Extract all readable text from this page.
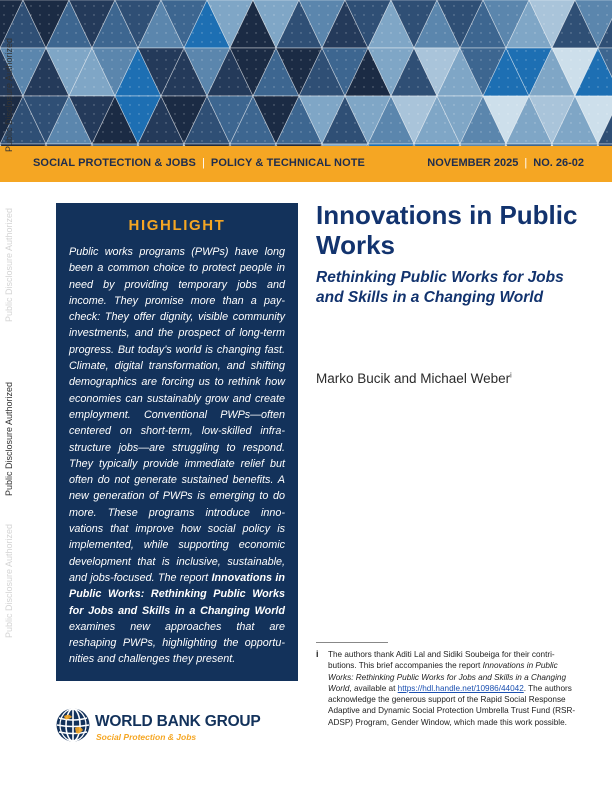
SOCIAL PROTECTION & JOBS | POLICY & TECHNICAL NOTE	NOVEMBER 2025 | NO. 26-02
Public Disclosure Authorized
Public Disclosure Authorized
Public Disclosure Authorized
Public Disclosure Authorized
HIGHLIGHT

Public works programs (PWPs) have long been a common choice to protect people in need by providing temporary jobs and income. They promise more than a pay-check: They offer dignity, visible community investments, and the prospect of long-term progress. But today's world is changing fast. Climate, digital transformation, and shifting demographics are forcing us to rethink how economies can sustainably grow and create employment. Conventional PWPs—often centered on short-term, low-skilled infra-structure jobs—are struggling to respond. They typically provide immediate relief but often do not generate sustained benefits. A new generation of PWPs is emerging to do more. These programs introduce inno-vations that improve how social policy is implemented, while supporting economic development that is inclusive, sustainable, and jobs-focused. The report Innovations in Public Works: Rethinking Public Works for Jobs and Skills in a Changing World examines new approaches that are reshaping PWPs, highlighting the opportu-nities and challenges they present.

Innovations in Public Works
Rethinking Public Works for Jobs and Skills in a Changing World
Marko Bucik and Michael Weber$^i$
i The authors thank Aditi Lal and Sidiki Soubeiga for their contri-butions. This brief accompanies the report Innovations in Public Works: Rethinking Public Works for Jobs and Skills in a Changing World, available at https://hdl.handle.net/10986/44042. The authors acknowledge the generous support of the Rapid Social Response Adaptive and Dynamic Social Protection Umbrella Trust Fund (RSR-ADSP) Program, Gender Window, which made this work possible.
WORLD BANK GROUP
Social Protection & Jobs
